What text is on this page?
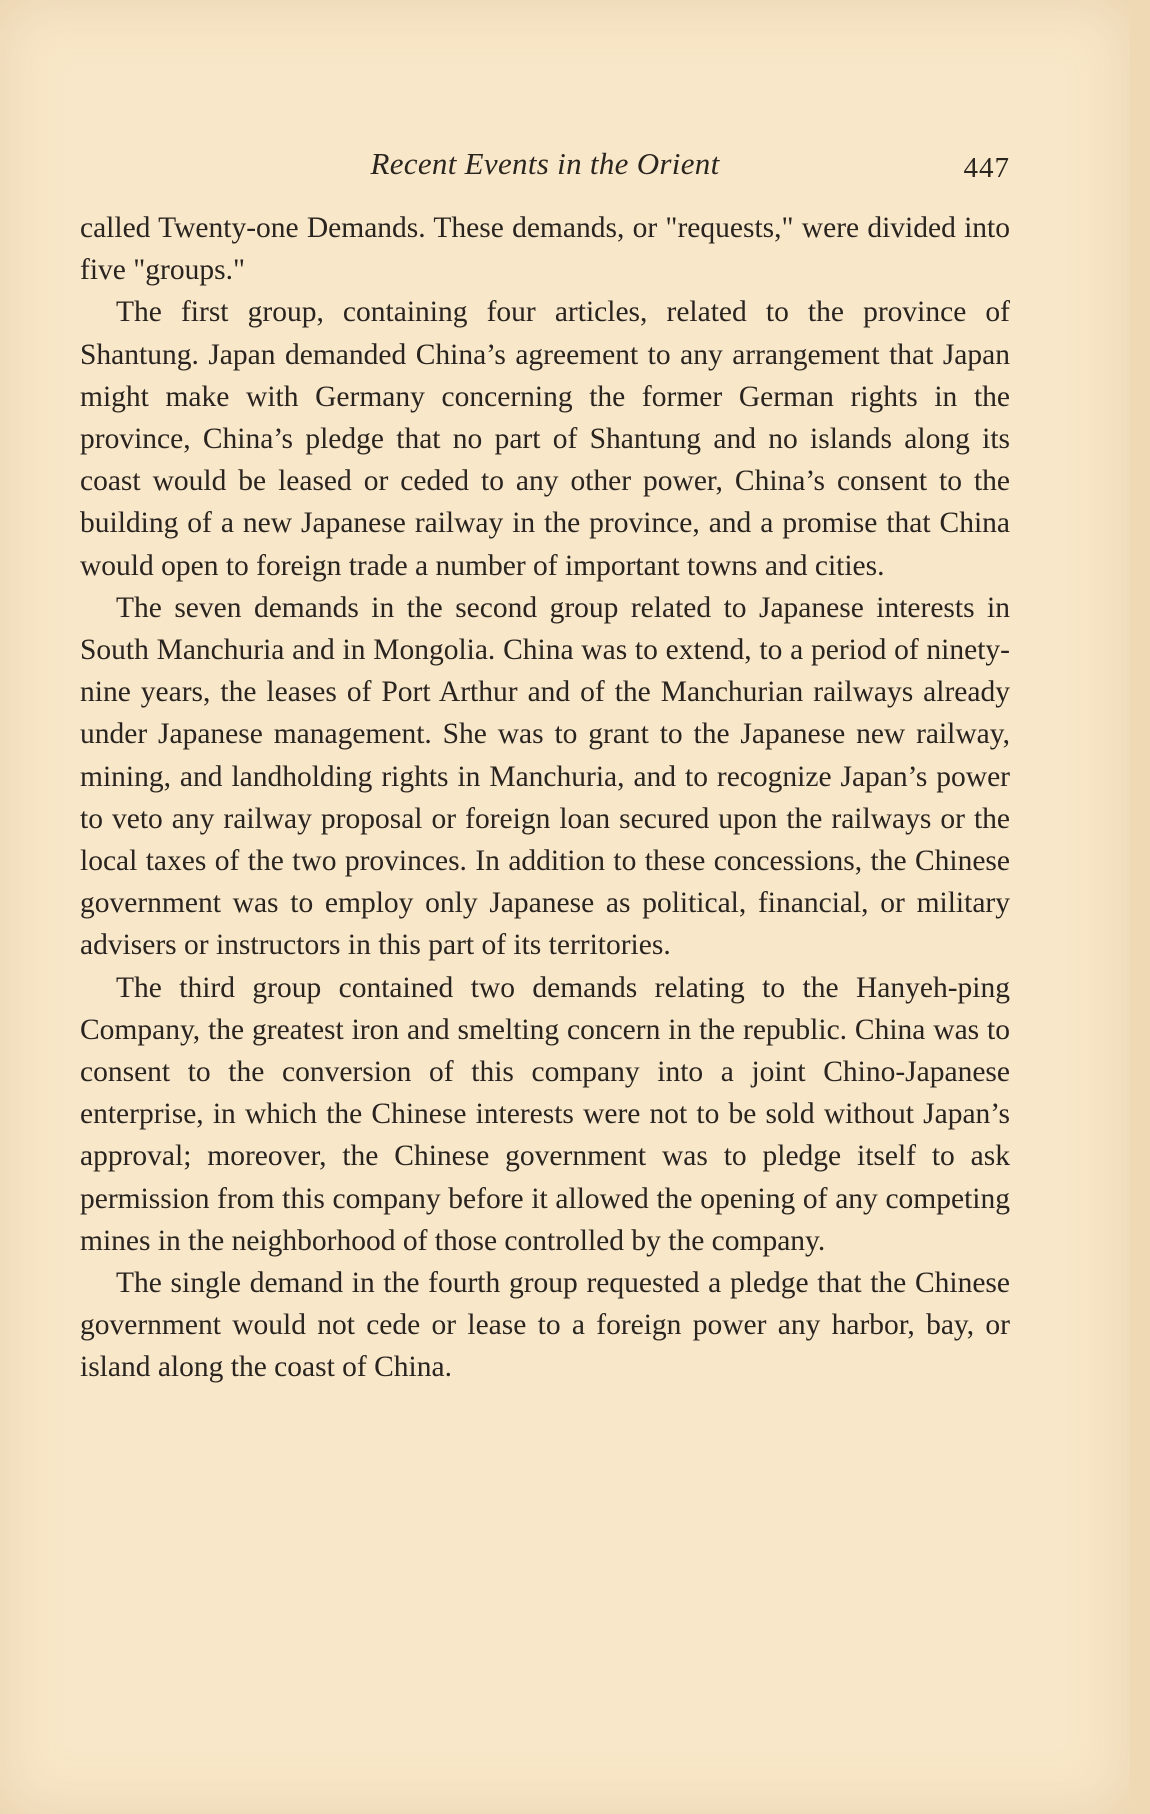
Recent Events in the Orient	447

called Twenty-one Demands. These demands, or "requests," were divided into five "groups."

The first group, containing four articles, related to the province of Shantung. Japan demanded China’s agreement to any arrangement that Japan might make with Germany concerning the former German rights in the province, China’s pledge that no part of Shantung and no islands along its coast would be leased or ceded to any other power, China’s consent to the building of a new Japanese railway in the province, and a promise that China would open to foreign trade a number of important towns and cities.

The seven demands in the second group related to Japanese interests in South Manchuria and in Mongolia. China was to extend, to a period of ninety-nine years, the leases of Port Arthur and of the Manchurian railways already under Japanese management. She was to grant to the Japanese new railway, mining, and landholding rights in Manchuria, and to recognize Japan’s power to veto any railway proposal or foreign loan secured upon the railways or the local taxes of the two provinces. In addition to these concessions, the Chinese government was to employ only Japanese as political, financial, or military advisers or instructors in this part of its territories.

The third group contained two demands relating to the Hanyeh-ping Company, the greatest iron and smelting concern in the republic. China was to consent to the conversion of this company into a joint Chino-Japanese enterprise, in which the Chinese interests were not to be sold without Japan’s approval; moreover, the Chinese government was to pledge itself to ask permission from this company before it allowed the opening of any competing mines in the neighborhood of those controlled by the company.

The single demand in the fourth group requested a pledge that the Chinese government would not cede or lease to a foreign power any harbor, bay, or island along the coast of China.
